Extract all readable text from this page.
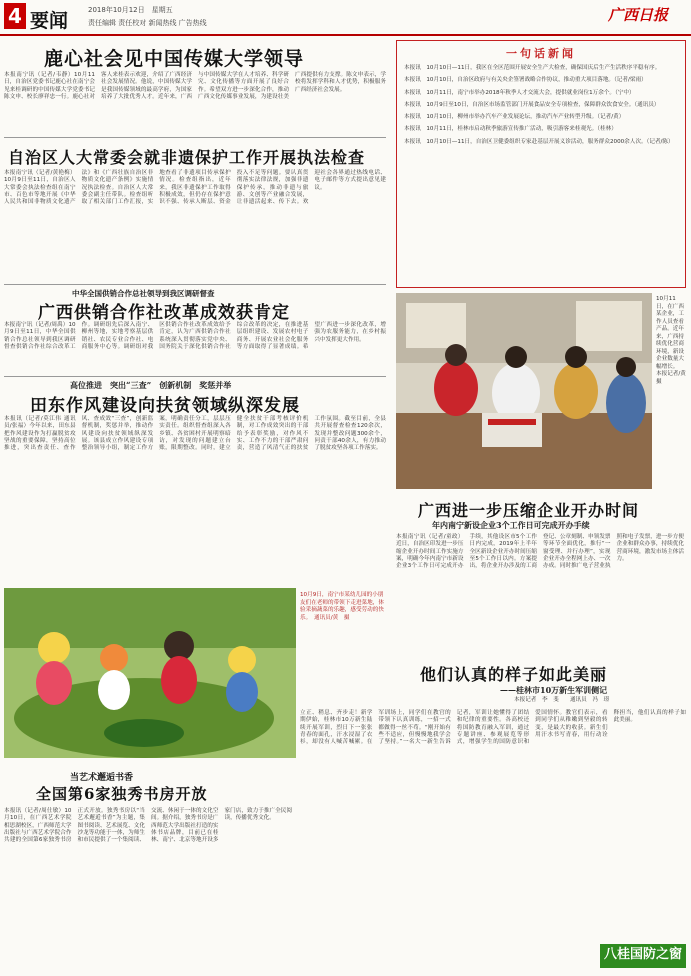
4 要闻	2018年10月12日　星期五
责任编辑 责任校对 新闻热线 广告热线	广西日报
鹿心社会见中国传媒大学领导
本报南宁讯（记者/韦静）10月11日，自治区党委书记鹿心社在南宁会见来桂调研的中国传媒大学党委书记陈文申、校长廖祥忠一行。鹿心社对客人来桂表示欢迎，介绍了广西经济社会发展情况。他说，中国传媒大学是我国传媒领域的最高学府，为国家培养了大批优秀人才。近年来，广西与中国传媒大学在人才培养、科学研究、文化传播等方面开展了良好合作。希望双方进一步深化合作，推动广西文化传媒事业发展，为建设壮美广西提供有力支撑。陈文申表示，学校将发挥学科和人才优势，积极服务广西经济社会发展。
自治区人大常委会就非遗保护工作开展执法检查
本报南宁讯（记者/黄艳梅）10月9日至11日，自治区人大常委会执法检查组在南宁市、百色市等地开展《中华人民共和国非物质文化遗产法》和《广西壮族自治区非物质文化遗产条例》实施情况执法检查。自治区人大常委会副主任带队。检查组听取了相关部门工作汇报，实地查看了非遗项目传承保护情况。检查组指出，近年来，我区非遗保护工作取得积极成效，但仍存在保护意识不强、传承人断层、资金投入不足等问题。要认真贯彻落实法律法规，加强非遗保护传承，推动非遗与旅游、文创等产业融合发展，让非遗活起来、传下去。欢迎社会各界通过热线电话、电子邮件等方式提出意见建议。
中华全国供销合作总社领导到我区调研督查
广西供销合作社改革成效获肯定
本报南宁讯（记者/周禹）10月9日至11日，中华全国供销合作总社领导到我区调研督查供销合作社综合改革工作。调研组先后深入南宁、柳州等地，实地考察基层供销社、农民专业合作社、电商服务中心等。调研组对我区供销合作社改革成效给予肯定，认为广西供销合作社系统深入贯彻落实党中央、国务院关于深化供销合作社综合改革的决定，在推进基层组织建设、发展农村电子商务、开展农业社会化服务等方面取得了显著成绩。希望广西进一步深化改革，增强为农服务能力，在乡村振兴中发挥更大作用。
高位推进　突出“三查”　创新机制　奖惩并举
田东作风建设向扶贫领域纵深发展
本报讯（记者/莫江伟 通讯员/张福）今年以来，田东县把作风建设作为打赢脱贫攻坚战的重要保障，坚持高位推进，突出查责任、查作风、查成效“三查”，创新监督机制，奖惩并举，推动作风建设向扶贫领域纵深发展。该县成立作风建设专项整治领导小组，制定工作方案，明确责任分工，层层压实责任。组织督查组深入各乡镇、各贫困村开展明察暗访，对发现的问题建立台账，限期整改。同时，建立健全扶贫干部考核评价机制，对工作成效突出的干部给予表彰奖励，对作风不实、工作不力的干部严肃问责，营造了风清气正的扶贫工作氛围。截至目前，全县共开展督查检查120余次，发现并整改问题300余个，问责干部40余人，有力推动了脱贫攻坚各项工作落实。
一句话新闻
本报讯　10月10日—11日，我区在全区范围开展安全生产大检查，确保国庆后生产生活秩序平稳有序。
本报讯　10月10日，自治区政府与有关央企签署战略合作协议，推动重大项目落地。（记者/梁雨）
本报讯　10月11日，南宁市举办2018年秋季人才交流大会，提供就业岗位1万余个。（宁中）
本报讯　10月9日至10日，自治区市场监管部门开展食品安全专项检查，保障群众饮食安全。（通讯员）
本报讯　10月10日，柳州市举办汽车产业发展论坛，推动汽车产业转型升级。（记者/黄）
本报讯　10月11日，桂林市启动秋季旅游宣传推广活动，吸引游客来桂观光。（桂林）
本报讯　10月10日—11日，自治区卫健委组织专家赴基层开展义诊活动，服务群众2000余人次。（记者/陈）
10月11日，在广西某企业，工作人员查看产品。近年来，广西持续优化营商环境，新设企业数量大幅增长。　本报记者/黄　摄
广西进一步压缩企业开办时间
年内南宁新设企业3个工作日可完成开办手续
本报南宁讯（记者/童政）近日，自治区印发进一步压缩企业开办时间工作实施方案，明确今年内南宁市新设企业3个工作日可完成开办手续，其他设区市5个工作日内完成，2019年上半年全区新设企业开办时间压缩至5个工作日以内。方案提出，将企业开办涉及的工商登记、公章刻制、申领发票等环节全面优化，推行“一窗受理、并行办理”，实现企业开办全程网上办、一次办成。同时推广电子营业执照和电子发票，进一步方便企业和群众办事，持续优化营商环境，激发市场主体活力。
10月9日，南宁市某幼儿园的小朋友们在老师的带领下走进菜地，体验采摘蔬菜的乐趣，感受劳动的快乐。　通讯员/黄　摄
当艺术邂逅书香
全国第6家独秀书房开放
本报讯（记者/周仕敏）10月10日，在广西艺术学院相思湖校区，广西师范大学出版社与广西艺术学院合作共建的全国第6家独秀书房正式开放。独秀书房以“当艺术邂逅书香”为主题，集图书阅读、艺术展览、文化沙龙等功能于一体，为师生和市民提供了一个集阅读、交流、休闲于一体的文化空间。据介绍，独秀书房是广西师范大学出版社打造的实体书店品牌，目前已在桂林、南宁、北京等地开设多家门店，致力于推广全民阅读，传播优秀文化。
他们认真的样子如此美丽
——桂林市10万新生军训侧记
本报记者　李　斐　　通讯员　冯　璟
立正、稍息、齐步走！新学期伊始，桂林市10万新生陆续开展军训，烈日下一张张青春的面孔，汗水浸湿了衣衫，却没有人喊苦喊累。在军训场上，同学们在教官的带领下认真训练，一招一式都做得一丝不苟。“刚开始有些不适应，但慢慢地我学会了坚持。”一名大一新生告诉记者，军训让她懂得了团结和纪律的重要性。各高校还将国防教育融入军训，通过专题讲座、参观展览等形式，增强学生的国防意识和爱国情怀。教官们表示，看到同学们从稚嫩到坚毅的转变，是最大的收获。新生们用汗水书写青春，用行动诠释担当，他们认真的样子如此美丽。
八桂国防之窗
